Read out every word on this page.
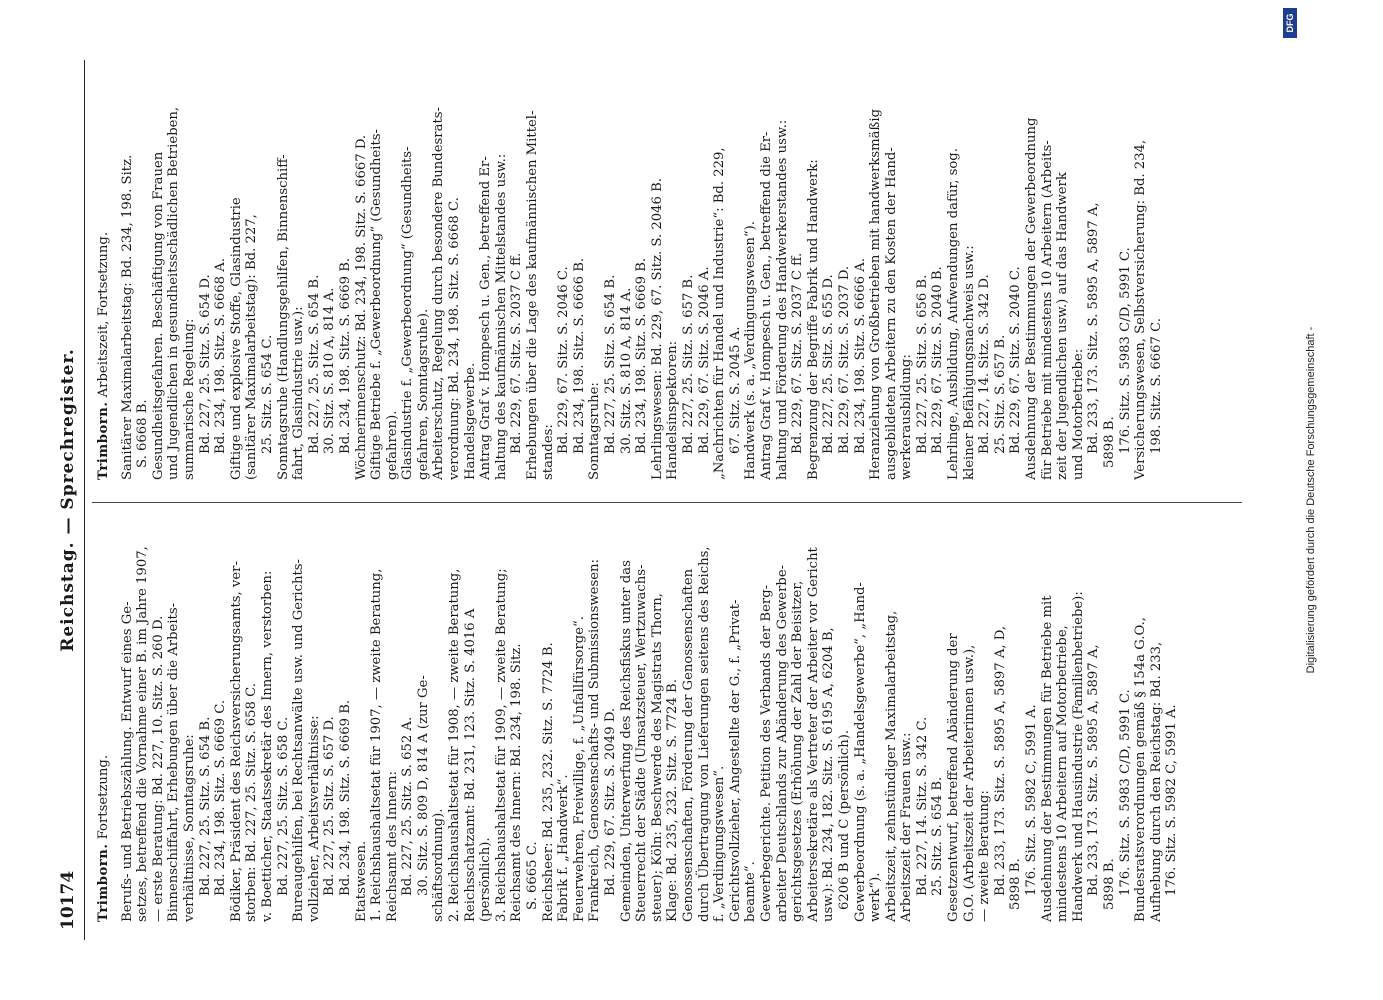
10174
Reichstag. — Sprechregister.
Trimborn. Fortsetzung. Berufs- und Betriebszählung. Entwurf eines Ge- setzes, betreffend die Vornahme einer B. im Jahre 1907, — erste Beratung: Bd. 227, 10. Sitz. S. 260 D. Binnenschiffahrt, Erhebungen über die Arbeits- verhältnisse, Sonntagsruhe: Bd. 227, 25. Sitz. S. 654 B. Bd. 234, 198. Sitz. S. 6669 C. Bödiker, Präsident des Reichsversicherungsamts, ver- storben: Bd. 227, 25. Sitz. S. 658 C. v. Boetticher, Staatssekretär des Innern, verstorben: Bd. 227, 25. Sitz. S. 658 C. Bureaugehilfen, bei Rechtsanwälte usw. und Gerichts- vollzieher, Arbeitsverhältnisse: Bd. 227, 25. Sitz. S. 657 D. Bd. 234, 198. Sitz. S. 6669 B. Etatswesen. 1. Reichshaushaltsetat für 1907, — zweite Beratung, Reichsamt des Innern: Bd. 227, 25. Sitz. S. 652 A. 30. Sitz. S. 809 D, 814 A (zur Ge- schäftsordnung). 2. Reichshaushaltsetat für 1908, — zweite Beratung, Reichsschatzamt: Bd. 231, 123. Sitz. S. 4016 A (persönlich). 3. Reichshaushaltsetat für 1909, — zweite Beratung; Reichsamt des Innern: Bd. 234, 198. Sitz. S. 6665 C. Reichsheer: Bd. 235, 232. Sitz. S. 7724 B. Fabrik f. „Handwerk“. Feuerwehren, Freiwillige, f. „Unfallfürsorge“. Frankreich, Genossenschafts- und Submissionswesen: Bd. 229, 67. Sitz. S. 2049 D. Gemeinden, Unterwerfung des Reichsfiskus unter das Steuerrecht der Städte (Umsatzsteuer, Wertzuwachs- steuer); Köln: Beschwerde des Magistrats Thorn, Klage: Bd. 235, 232. Sitz. S. 7724 B. Genossenschaften, Förderung der Genossenschaften durch Übertragung von Lieferungen seitens des Reichs, f. „Verdingungswesen“. Gerichtsvollzieher, Angestellte der G., f. „Privat- beamte“. Gewerbegerichte. Petition des Verbands der Berg- arbeiter Deutschlands zur Abänderung des Gewerbe- gerichtsgesetzes (Erhöhung der Zahl der Beisitzer, Arbeitersekretäre als Vertreter der Arbeiter vor Gericht usw.): Bd. 234, 182. Sitz. S. 6195 A, 6204 B, 6206 B und C (persönlich). Gewerbeordnung (s. a. „Handelsgewerbe“, „Hand- werk“). Arbeitszeit, zehnstündiger Maximalarbeitstag, Arbeitszeit der Frauen usw.: Bd. 227, 14. Sitz. S. 342 C. 25. Sitz. S. 654 B. Gesetzentwurf, betreffend Abänderung der G.O. (Arbeitszeit der Arbeiterinnen usw.), — zweite Beratung: Bd. 233, 173. Sitz. S. 5895 A, 5897 A, D, 5898 B. 176. Sitz. S. 5982 C, 5991 A. Ausdehnung der Bestimmungen für Betriebe mit mindestens 10 Arbeitern auf Motorbetriebe, Handwerk und Hausindustrie (Familienbetriebe): Bd. 233, 173. Sitz. S. 5895 A, 5897 A, 5898 B. 176. Sitz. S. 5983 C/D, 5991 C. Bundesratsverordnungen gemäß § 154a G.O., Aufhebung durch den Reichstag: Bd. 233, 176. Sitz. S. 5982 C, 5991 A.

Trimborn. Arbeitszeit, Fortsetzung. Sanitärer Maximalarbeitstag: Bd. 234, 198. Sitz. S. 6668 B. Gesundheitsgefahren. Beschäftigung von Frauen und Jugendlichen in gesundheitsschädlichen Betrieben, summarische Regelung: Bd. 227, 25. Sitz. S. 654 D. Bd. 234, 198. Sitz. S. 6668 A. Giftige und explosive Stoffe, Glasindustrie (sanitärer Maximalarbeitstag): Bd. 227, 25. Sitz. S. 654 C. Sonntagsruhe (Handlungsgehilfen, Binnenschiff- fahrt, Glasindustrie usw.): Bd. 227, 25. Sitz. S. 654 B. 30. Sitz. S. 810 A, 814 A. Bd. 234, 198. Sitz. S. 6669 B. Wöchnerinnenschutz: Bd. 234, 198. Sitz. S. 6667 D. Giftige Betriebe f. „Gewerbeordnung“ (Gesundheits- gefahren). Glasindustrie f. „Gewerbeordnung“ (Gesundheits- gefahren, Sonntagsruhe). Arbeiterschutz, Regelung durch besondere Bundesrats- verordnung: Bd. 234, 198. Sitz. S. 6668 C. Handelsgewerbe. Antrag Graf v. Hompesch u. Gen., betreffend Er- haltung des kaufmännischen Mittelstandes usw.: Bd. 229, 67. Sitz. S. 2037 C ff. Erhebungen über die Lage des kaufmännischen Mittel- standes: Bd. 229, 67. Sitz. S. 2046 C. Bd. 234, 198. Sitz. S. 6666 B. Sonntagsruhe: Bd. 227, 25. Sitz. S. 654 B. 30. Sitz. S. 810 A, 814 A. Bd. 234, 198. Sitz. S. 6669 B. Lehrlingswesen: Bd. 229, 67. Sitz. S. 2046 B. Handelsinspektoren: Bd. 227, 25. Sitz. S. 657 B. Bd. 229, 67. Sitz. S. 2046 A. „Nachrichten für Handel und Industrie“: Bd. 229, 67. Sitz. S. 2045 A. Handwerk (s. a. „Verdingungswesen“). Antrag Graf v. Hompesch u. Gen., betreffend die Er- haltung und Förderung des Handwerkerstandes usw.: Bd. 229, 67. Sitz. S. 2037 C ff. Begrenzung der Begriffe Fabrik und Handwerk: Bd. 227, 25. Sitz. S. 655 D. Bd. 229, 67. Sitz. S. 2037 D. Bd. 234, 198. Sitz. S. 6666 A. Heranziehung von Großbetrieben mit handwerksmäßig ausgebildeten Arbeitern zu den Kosten der Hand- werkerausbildung: Bd. 227, 25. Sitz. S. 656 B. Bd. 229, 67. Sitz. S. 2040 B. Lehrlinge, Ausbildung, Aufwendungen dafür, sog. kleiner Befähigungsnachweis usw.: Bd. 227, 14. Sitz. S. 342 D. 25. Sitz. S. 657 B. Bd. 229, 67. Sitz. S. 2040 C. Ausdehnung der Bestimmungen der Gewerbeordnung für Betriebe mit mindestens 10 Arbeitern (Arbeits- zeit der Jugendlichen usw.) auf das Handwerk und Motorbetriebe: Bd. 233, 173. Sitz. S. 5895 A, 5897 A, 5898 B. 176. Sitz. S. 5983 C/D, 5991 C. Versicherungswesen, Selbstversicherung: Bd. 234, 198. Sitz. S. 6667 C.	Digitalisierung gefördert durch die Deutsche Forschungsgemeinschaft -
DFG
